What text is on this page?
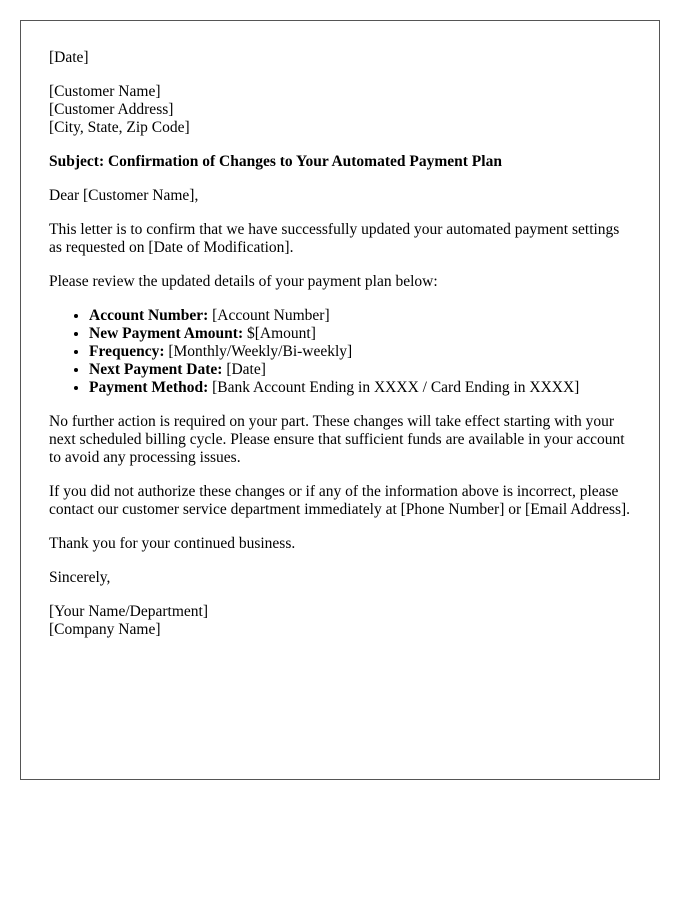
[Date]

[Customer Name]
[Customer Address]
[City, State, Zip Code]

Subject: Confirmation of Changes to Your Automated Payment Plan

Dear [Customer Name],

This letter is to confirm that we have successfully updated your automated payment settings as requested on [Date of Modification].

Please review the updated details of your payment plan below:

• Account Number: [Account Number]
• New Payment Amount: $[Amount]
• Frequency: [Monthly/Weekly/Bi-weekly]
• Next Payment Date: [Date]
• Payment Method: [Bank Account Ending in XXXX / Card Ending in XXXX]

No further action is required on your part. These changes will take effect starting with your next scheduled billing cycle. Please ensure that sufficient funds are available in your account to avoid any processing issues.

If you did not authorize these changes or if any of the information above is incorrect, please contact our customer service department immediately at [Phone Number] or [Email Address].

Thank you for your continued business.

Sincerely,

[Your Name/Department]
[Company Name]
